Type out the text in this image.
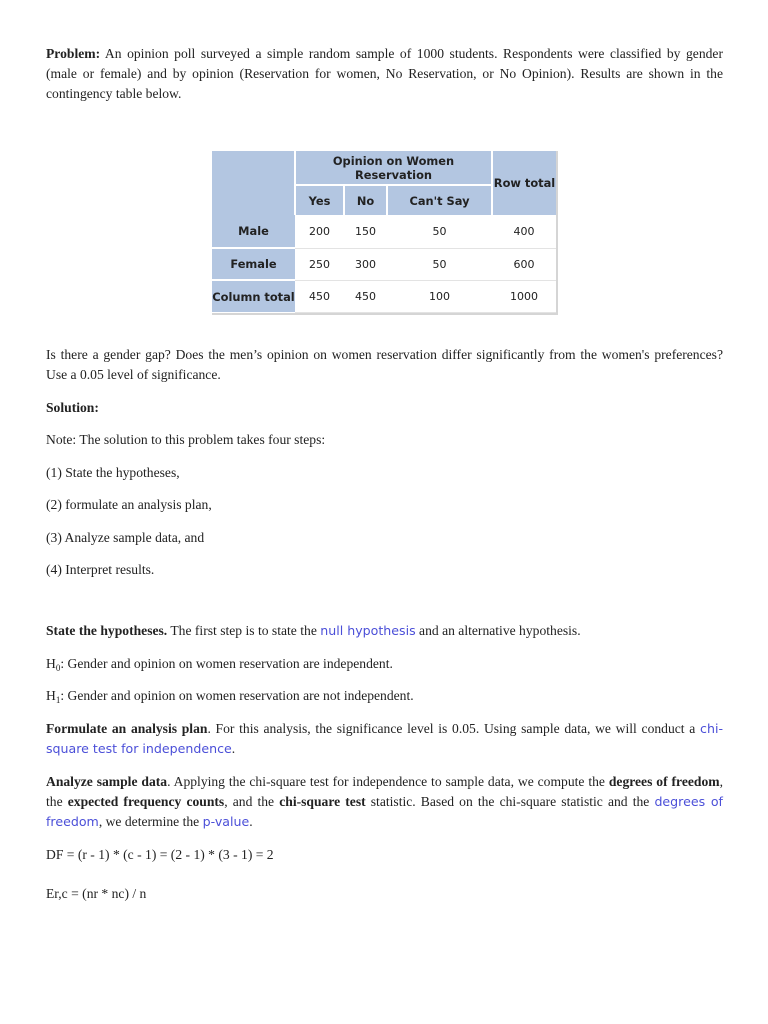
Problem: An opinion poll surveyed a simple random sample of 1000 students. Respondents were classified by gender (male or female) and by opinion (Reservation for women, No Reservation, or No Opinion). Results are shown in the contingency table below.

	Opinion on Women Reservation			Row total
	Yes	No	Can't Say	
Male	200	150	50	400
Female	250	300	50	600
Column total	450	450	100	1000

Is there a gender gap? Does the men’s opinion on women reservation differ significantly from the women's preferences? Use a 0.05 level of significance.

Solution:

Note: The solution to this problem takes four steps:

(1) State the hypotheses,

(2) formulate an analysis plan,

(3) Analyze sample data, and

(4) Interpret results.

State the hypotheses. The first step is to state the null hypothesis and an alternative hypothesis.

$H_0$: Gender and opinion on women reservation are independent.

$H_1$: Gender and opinion on women reservation are not independent.

Formulate an analysis plan. For this analysis, the significance level is 0.05. Using sample data, we will conduct a chi-square test for independence.

Analyze sample data. Applying the chi-square test for independence to sample data, we compute the degrees of freedom, the expected frequency counts, and the chi-square test statistic. Based on the chi-square statistic and the degrees of freedom, we determine the p-value.

DF = (r - 1) * (c - 1) = (2 - 1) * (3 - 1) = 2

Er,c = (nr * nc) / n
